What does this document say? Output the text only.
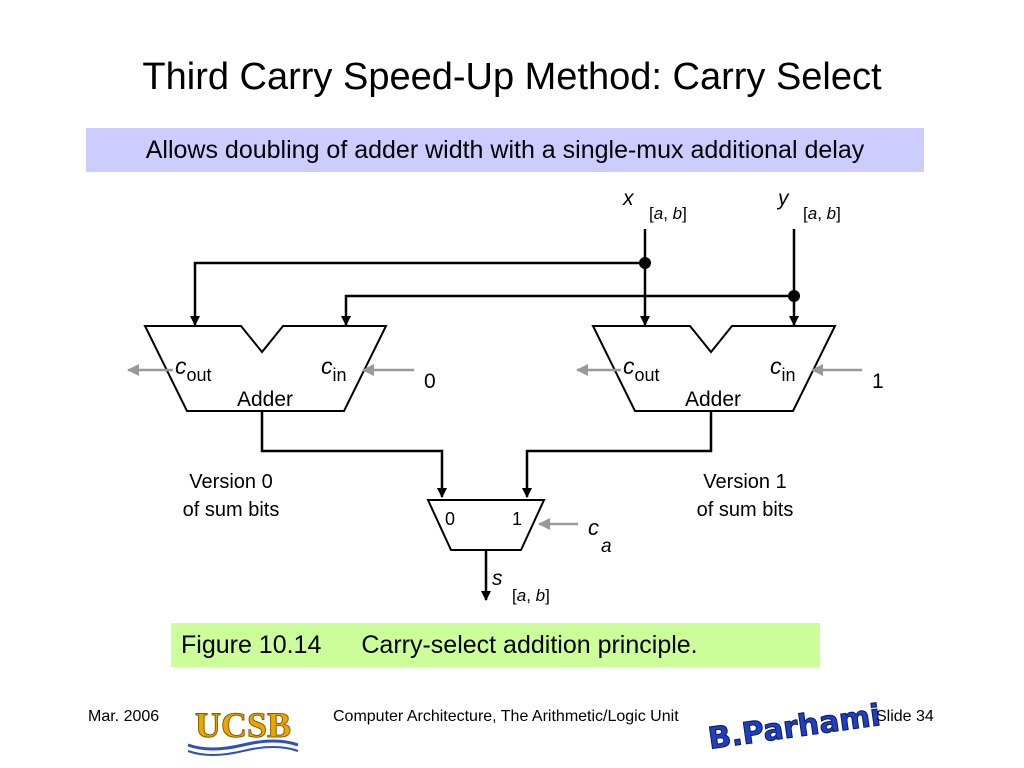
Third Carry Speed-Up Method: Carry Select
Allows doubling of adder width with a single-mux additional delay
x
[a, b]
y
[a, b]
Adder
cout	cin	0
Adder
cout	cin	1
Version 0
of sum bits
Version 1
of sum bits
0	1	ca
s
[a, b]
Figure 10.14 Carry-select addition principle.
Mar. 2006 UCSB	Computer Architecture, The Arithmetic/Logic Unit B.Parhami
Slide 34
